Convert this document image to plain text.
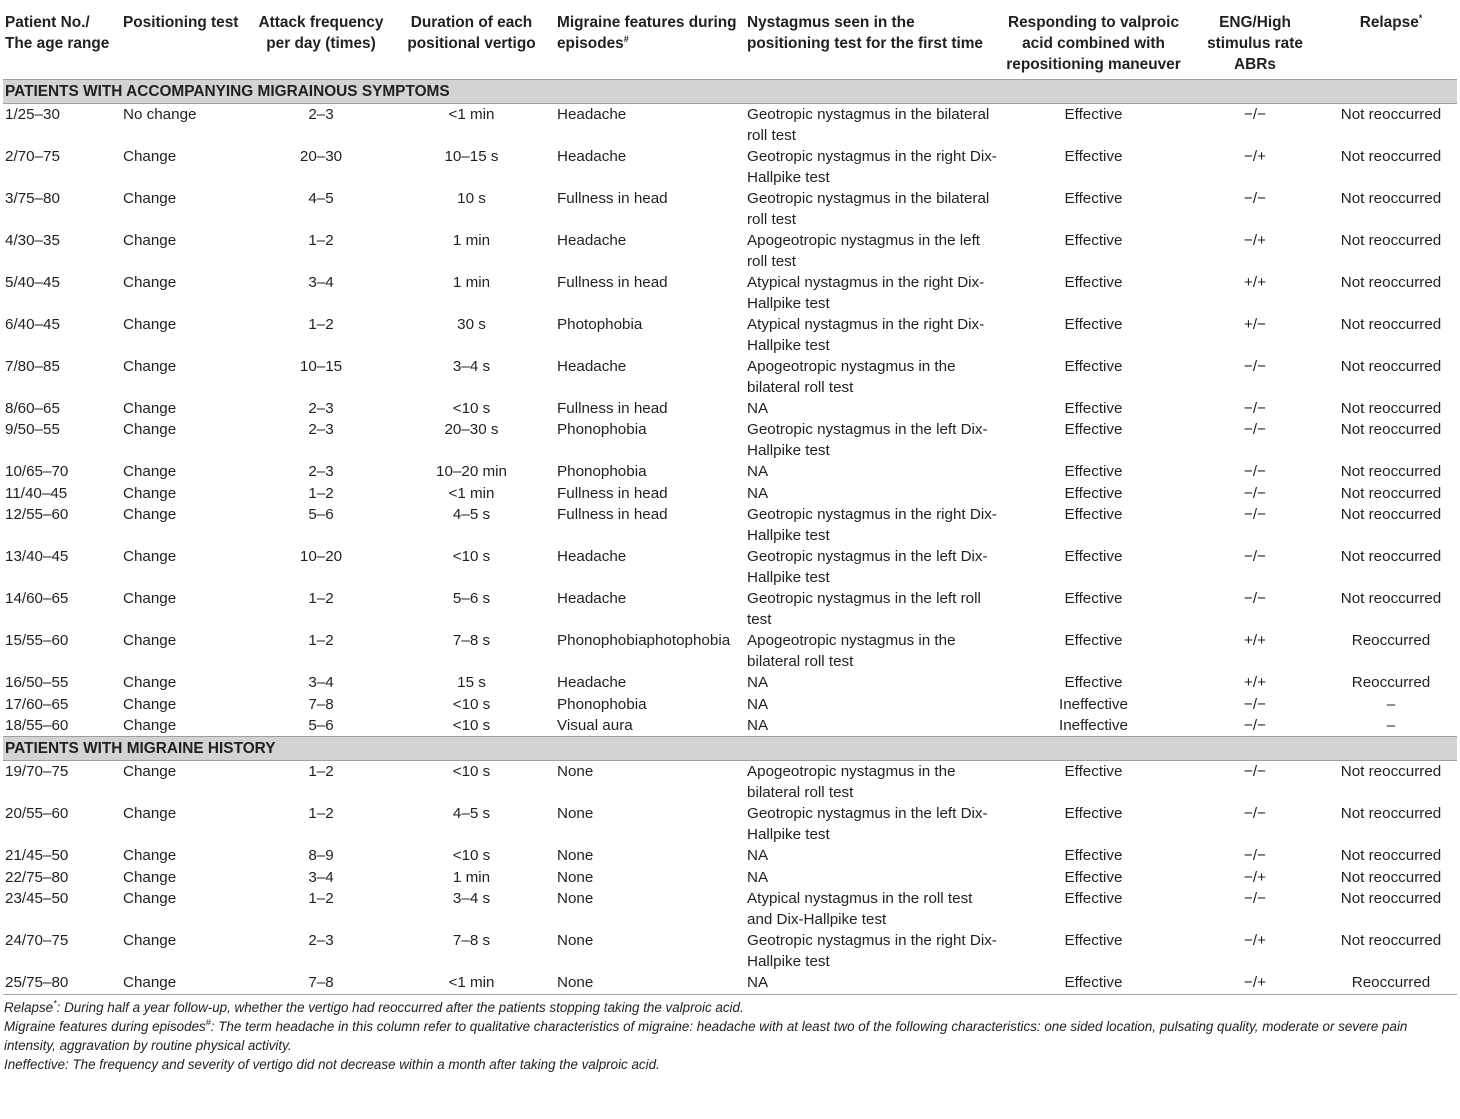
Patient No./ The age range	Positioning test	Attack frequency per day (times)	Duration of each positional vertigo	Migraine features during episodes#	Nystagmus seen in the positioning test for the first time	Responding to valproic acid combined with repositioning maneuver	ENG/High stimulus rate ABRs	Relapse*
PATIENTS WITH ACCOMPANYING MIGRAINOUS SYMPTOMS								
1/25–30	No change	2–3	<1 min	Headache	Geotropic nystagmus in the bilateral roll test	Effective	−/−	Not reoccurred
2/70–75	Change	20–30	10–15 s	Headache	Geotropic nystagmus in the right Dix-Hallpike test	Effective	−/+	Not reoccurred
3/75–80	Change	4–5	10 s	Fullness in head	Geotropic nystagmus in the bilateral roll test	Effective	−/−	Not reoccurred
4/30–35	Change	1–2	1 min	Headache	Apogeotropic nystagmus in the left roll test	Effective	−/+	Not reoccurred
5/40–45	Change	3–4	1 min	Fullness in head	Atypical nystagmus in the right Dix-Hallpike test	Effective	+/+	Not reoccurred
6/40–45	Change	1–2	30 s	Photophobia	Atypical nystagmus in the right Dix-Hallpike test	Effective	+/−	Not reoccurred
7/80–85	Change	10–15	3–4 s	Headache	Apogeotropic nystagmus in the bilateral roll test	Effective	−/−	Not reoccurred
8/60–65	Change	2–3	<10 s	Fullness in head	NA	Effective	−/−	Not reoccurred
9/50–55	Change	2–3	20–30 s	Phonophobia	Geotropic nystagmus in the left Dix-Hallpike test	Effective	−/−	Not reoccurred
10/65–70	Change	2–3	10–20 min	Phonophobia	NA	Effective	−/−	Not reoccurred
11/40–45	Change	1–2	<1 min	Fullness in head	NA	Effective	−/−	Not reoccurred
12/55–60	Change	5–6	4–5 s	Fullness in head	Geotropic nystagmus in the right Dix-Hallpike test	Effective	−/−	Not reoccurred
13/40–45	Change	10–20	<10 s	Headache	Geotropic nystagmus in the left Dix-Hallpike test	Effective	−/−	Not reoccurred
14/60–65	Change	1–2	5–6 s	Headache	Geotropic nystagmus in the left roll test	Effective	−/−	Not reoccurred
15/55–60	Change	1–2	7–8 s	Phonophobiaphotophobia	Apogeotropic nystagmus in the bilateral roll test	Effective	+/+	Reoccurred
16/50–55	Change	3–4	15 s	Headache	NA	Effective	+/+	Reoccurred
17/60–65	Change	7–8	<10 s	Phonophobia	NA	Ineffective	−/−	–
18/55–60	Change	5–6	<10 s	Visual aura	NA	Ineffective	−/−	–
PATIENTS WITH MIGRAINE HISTORY								
19/70–75	Change	1–2	<10 s	None	Apogeotropic nystagmus in the bilateral roll test	Effective	−/−	Not reoccurred
20/55–60	Change	1–2	4–5 s	None	Geotropic nystagmus in the left Dix-Hallpike test	Effective	−/−	Not reoccurred
21/45–50	Change	8–9	<10 s	None	NA	Effective	−/−	Not reoccurred
22/75–80	Change	3–4	1 min	None	NA	Effective	−/+	Not reoccurred
23/45–50	Change	1–2	3–4 s	None	Atypical nystagmus in the roll test and Dix-Hallpike test	Effective	−/−	Not reoccurred
24/70–75	Change	2–3	7–8 s	None	Geotropic nystagmus in the right Dix-Hallpike test	Effective	−/+	Not reoccurred
25/75–80	Change	7–8	<1 min	None	NA	Effective	−/+	Reoccurred

Relapse*: During half a year follow-up, whether the vertigo had reoccurred after the patients stopping taking the valproic acid.

Migraine features during episodes#: The term headache in this column refer to qualitative characteristics of migraine: headache with at least two of the following characteristics: one sided location, pulsating quality, moderate or severe pain intensity, aggravation by routine physical activity.

Ineffective: The frequency and severity of vertigo did not decrease within a month after taking the valproic acid.
